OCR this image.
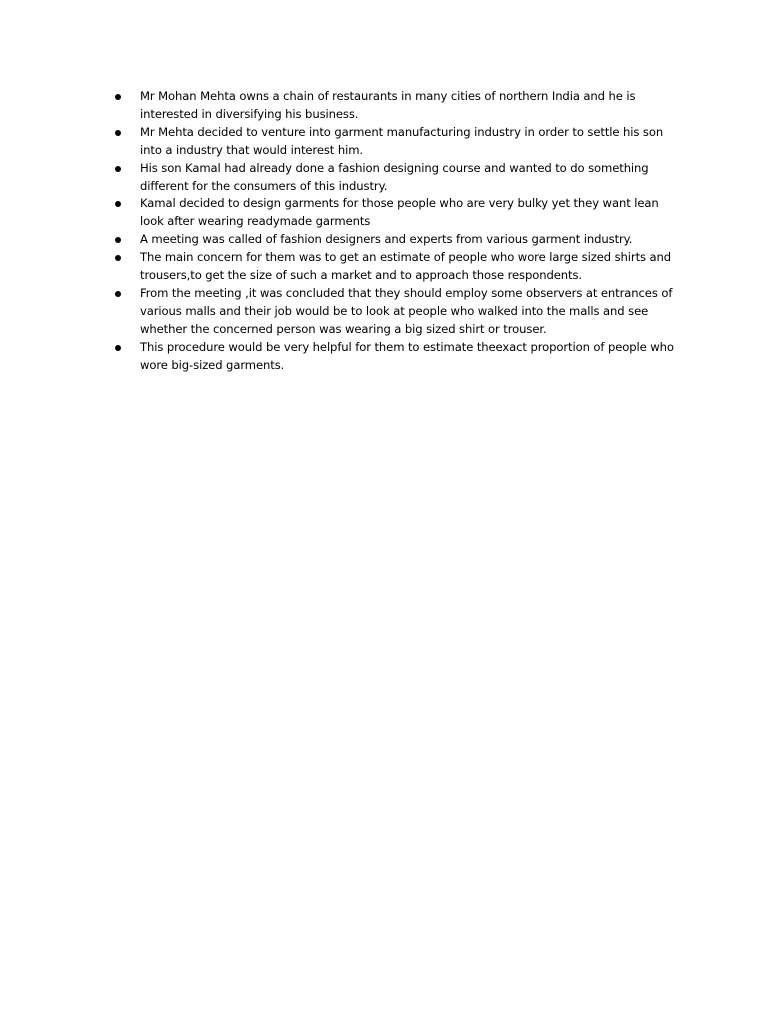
Mr Mohan Mehta owns a chain of restaurants in many cities of northern India and he is interested in diversifying his business.
Mr Mehta decided to venture into garment manufacturing industry in order to settle his son into a industry that would interest him.
His son Kamal had already done a fashion designing course and wanted to do something different for the consumers of this industry.
Kamal decided to design garments for those people who are very bulky yet they want lean look after wearing readymade garments
A meeting was called of fashion designers and experts from various garment industry.
The main concern for them was to get an estimate of people who wore large sized shirts and trousers,to get the size of such a market and to approach those respondents.
From the meeting ,it was concluded that they should employ some observers at entrances of various malls and their job would be to look at people who walked into the malls and see whether the concerned person was wearing a big sized shirt or trouser.
This procedure would be very helpful for them to estimate theexact proportion of people who wore big-sized garments.
